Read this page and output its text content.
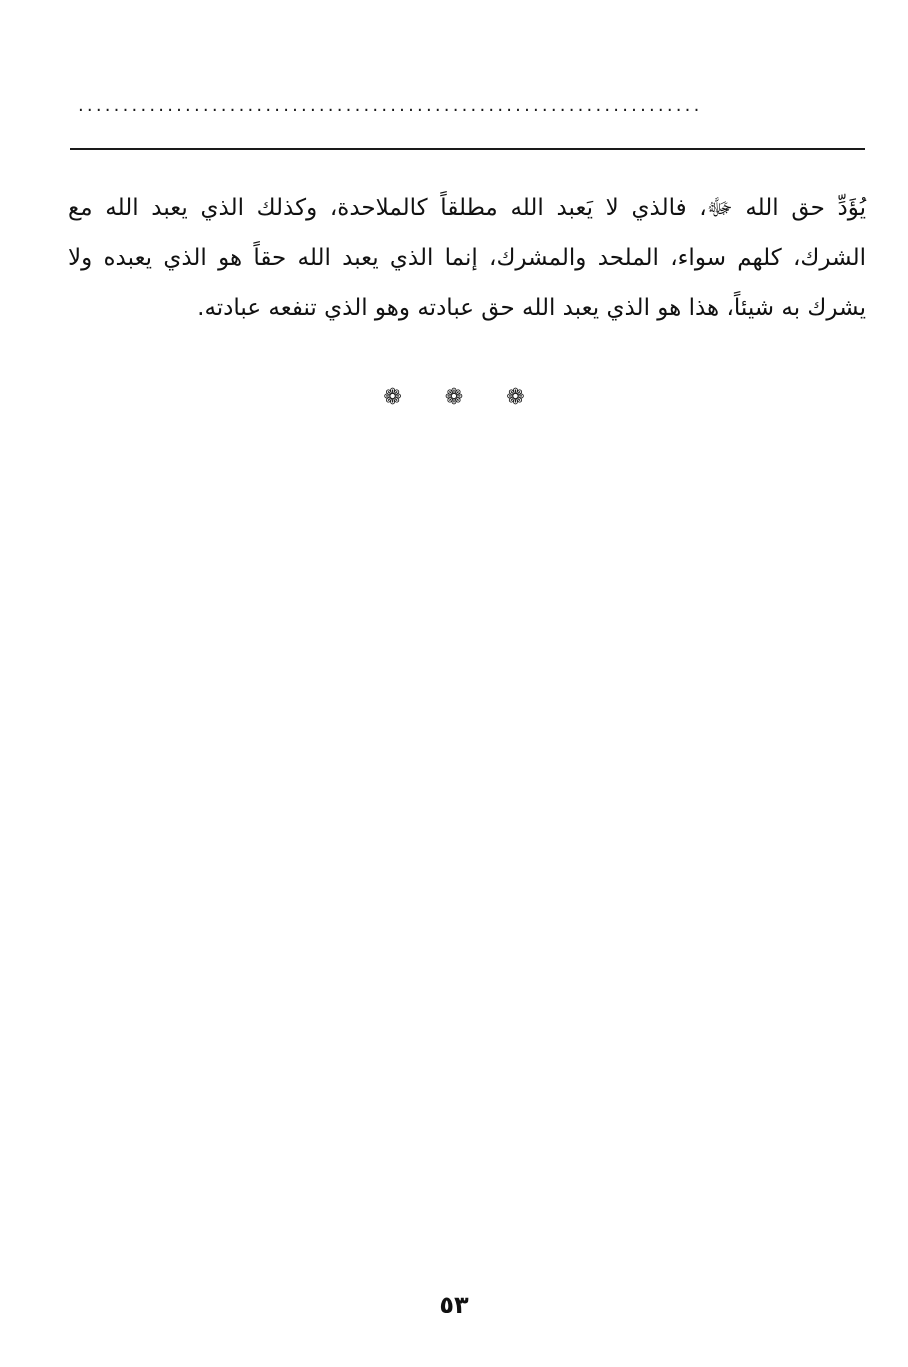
......................................................................

يُؤَدِّ حق الله ﷻ، فالذي لا يَعبد الله مطلقاً كالملاحدة، وكذلك الذي يعبد الله مع الشرك، كلهم سواء، الملحد والمشرك، إنما الذي يعبد الله حقاً هو الذي يعبده ولا يشرك به شيئاً، هذا هو الذي يعبد الله حق عبادته وهو الذي تنفعه عبادته.

❁ ❁ ❁
٥٣
